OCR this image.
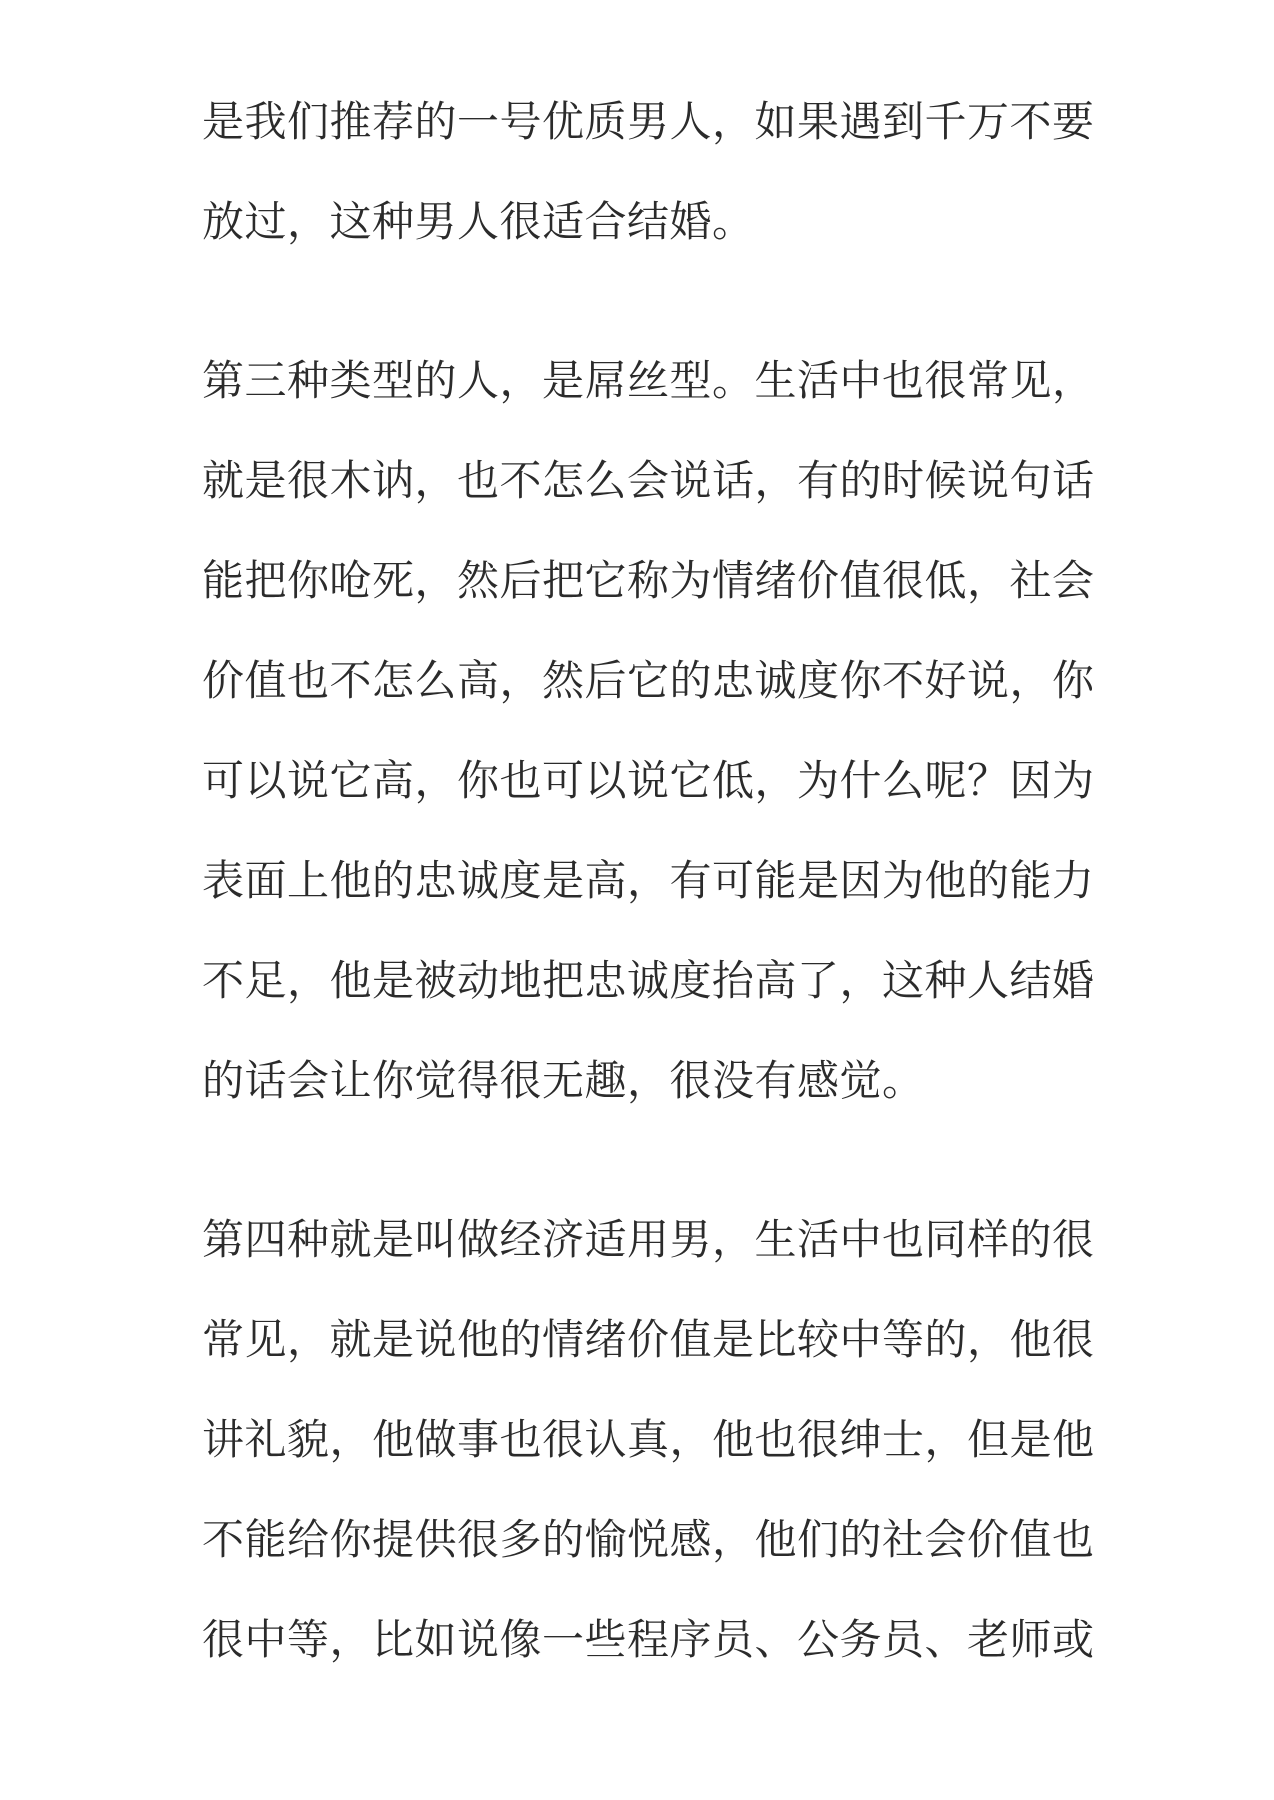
是我们推荐的一号优质男人，如果遇到千万不要
放过，这种男人很适合结婚。

第三种类型的人，是屌丝型。生活中也很常见，
就是很木讷，也不怎么会说话，有的时候说句话
能把你呛死，然后把它称为情绪价值很低，社会
价值也不怎么高，然后它的忠诚度你不好说，你
可以说它高，你也可以说它低，为什么呢？因为
表面上他的忠诚度是高，有可能是因为他的能力
不足，他是被动地把忠诚度抬高了，这种人结婚
的话会让你觉得很无趣，很没有感觉。

第四种就是叫做经济适用男，生活中也同样的很
常见，就是说他的情绪价值是比较中等的，他很
讲礼貌，他做事也很认真，他也很绅士，但是他
不能给你提供很多的愉悦感，他们的社会价值也
很中等，比如说像一些程序员、公务员、老师或
